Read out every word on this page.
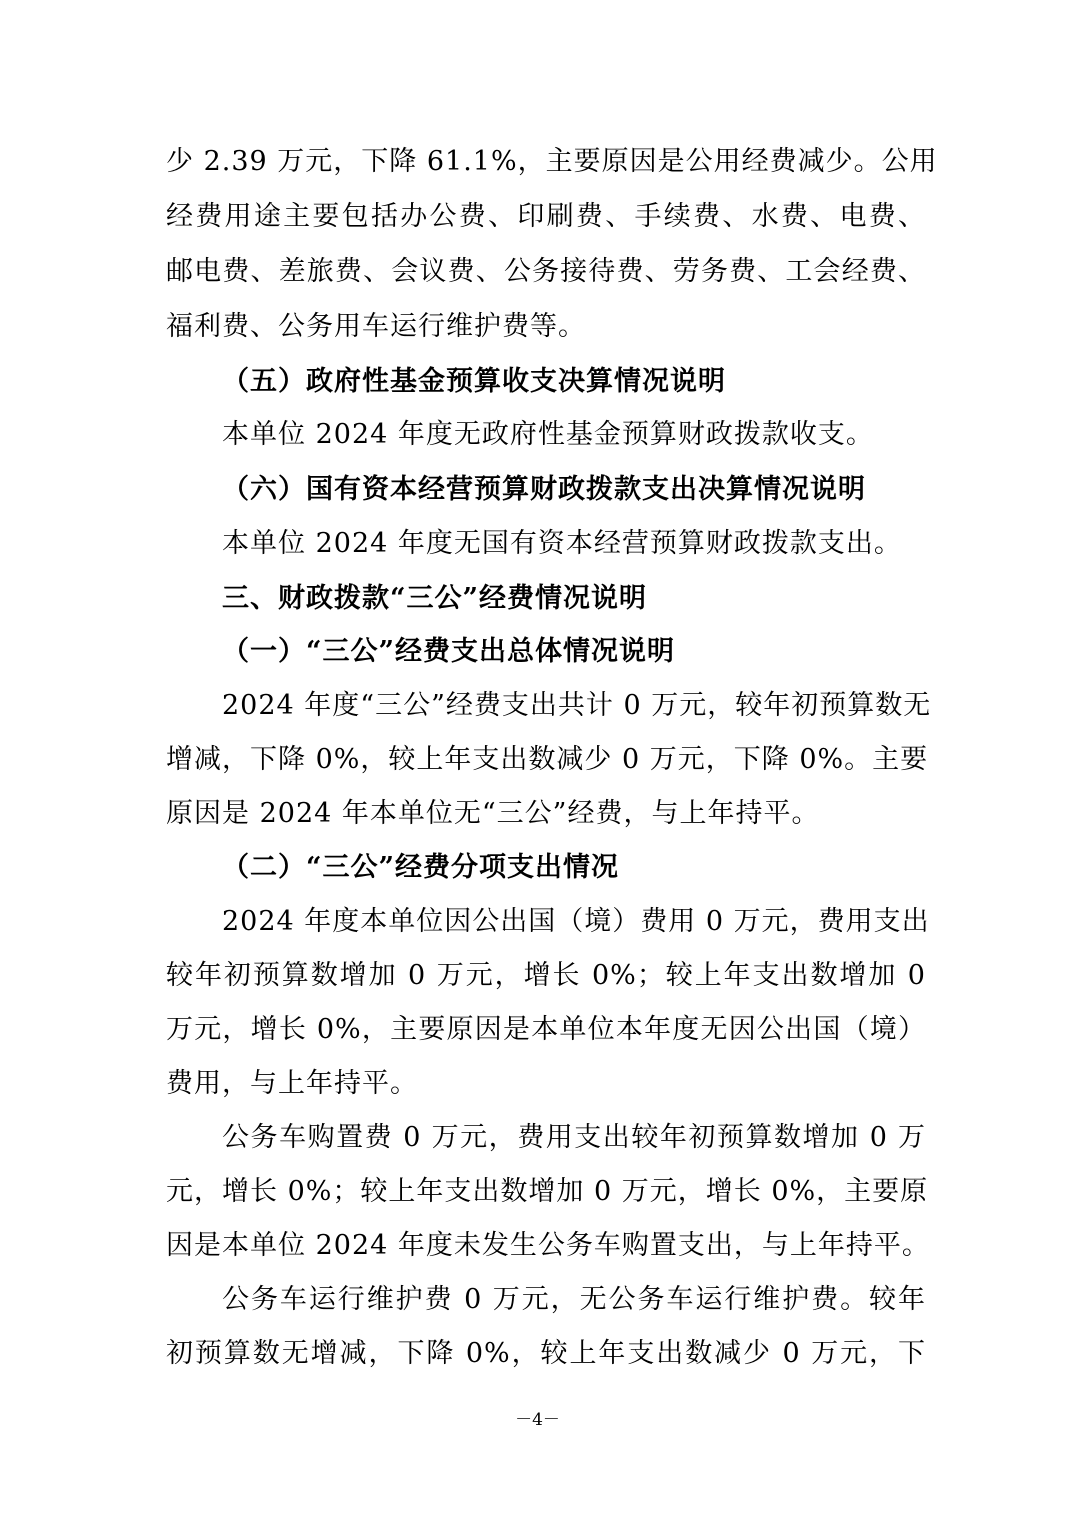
少 2.39 万元，下降 61.1%，主要原因是公用经费减少。公用
经费用途主要包括办公费、印刷费、手续费、水费、电费、
邮电费、差旅费、会议费、公务接待费、劳务费、工会经费、
福利费、公务用车运行维护费等。
（五）政府性基金预算收支决算情况说明
本单位 2024 年度无政府性基金预算财政拨款收支。
（六）国有资本经营预算财政拨款支出决算情况说明
本单位 2024 年度无国有资本经营预算财政拨款支出。
三、财政拨款“三公”经费情况说明
（一）“三公”经费支出总体情况说明
2024 年度“三公”经费支出共计 0 万元，较年初预算数无
增减，下降 0%，较上年支出数减少 0 万元，下降 0%。主要
原因是 2024 年本单位无“三公”经费，与上年持平。
（二）“三公”经费分项支出情况
2024 年度本单位因公出国（境）费用 0 万元，费用支出
较年初预算数增加 0 万元，增长 0%；较上年支出数增加 0
万元，增长 0%，主要原因是本单位本年度无因公出国（境）
费用，与上年持平。
公务车购置费 0 万元，费用支出较年初预算数增加 0 万
元，增长 0%；较上年支出数增加 0 万元，增长 0%，主要原
因是本单位 2024 年度未发生公务车购置支出，与上年持平。
公务车运行维护费 0 万元，无公务车运行维护费。较年
初预算数无增减，下降 0%，较上年支出数减少 0 万元，下
－4－
